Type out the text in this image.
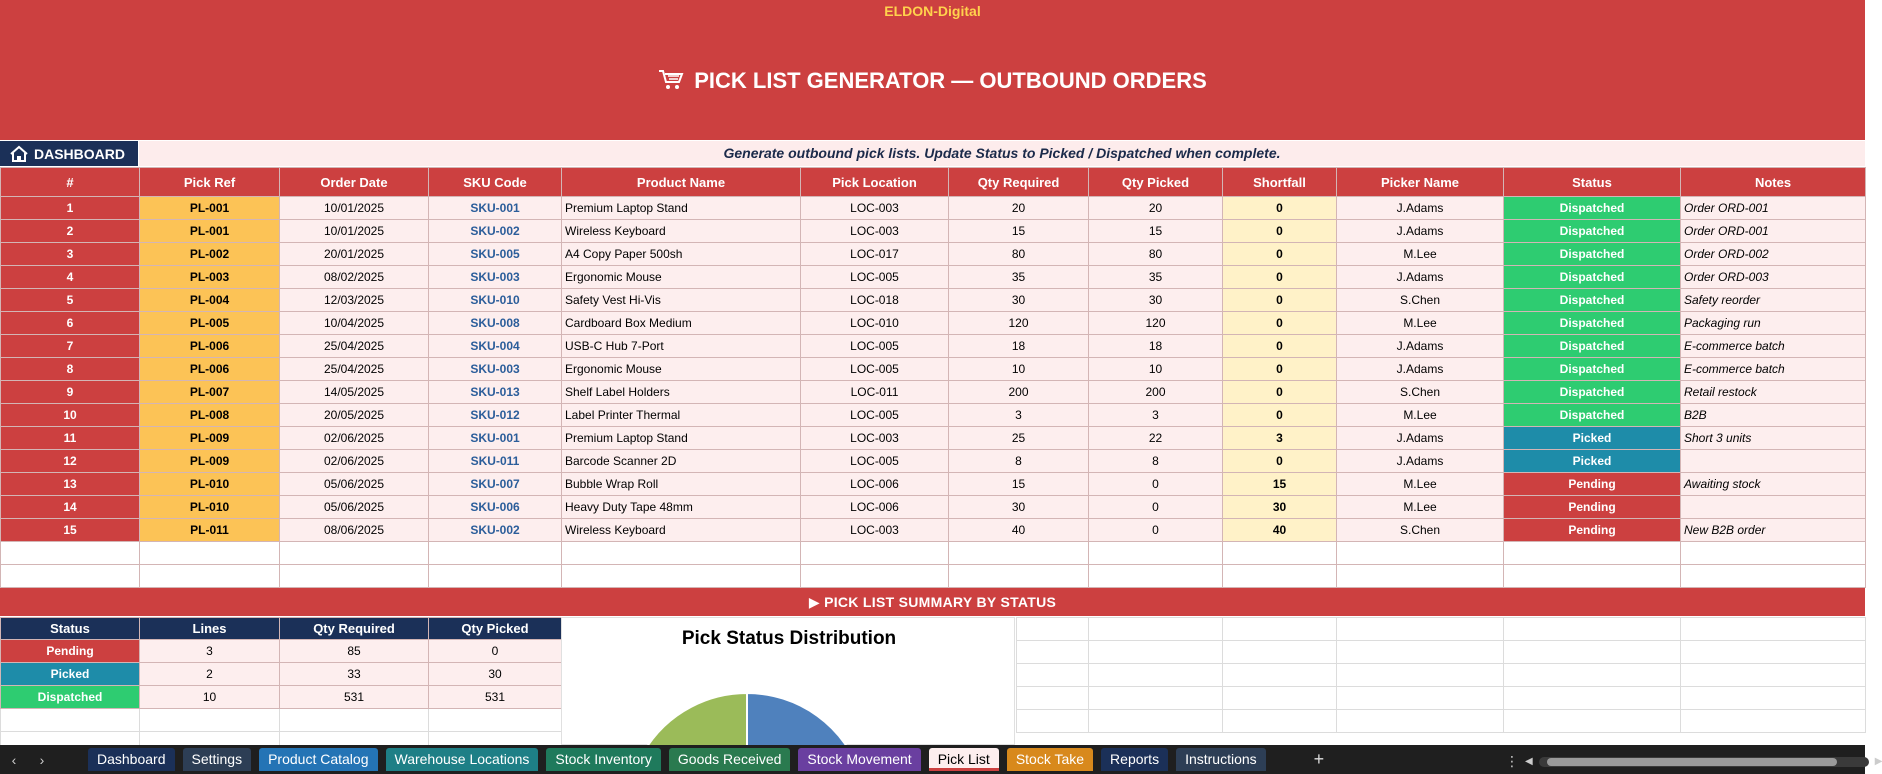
ELDON-Digital
PICK LIST GENERATOR — OUTBOUND ORDERS
DASHBOARD	Generate outbound pick lists. Update Status to Picked / Dispatched when complete.
#	Pick Ref	Order Date	SKU Code	Product Name	Pick Location	Qty Required	Qty Picked	Shortfall	Picker Name	Status	Notes
1	PL-001	10/01/2025	SKU-001	Premium Laptop Stand	LOC-003	20	20	0	J.Adams	Dispatched	Order ORD-001
2	PL-001	10/01/2025	SKU-002	Wireless Keyboard	LOC-003	15	15	0	J.Adams	Dispatched	Order ORD-001
3	PL-002	20/01/2025	SKU-005	A4 Copy Paper 500sh	LOC-017	80	80	0	M.Lee	Dispatched	Order ORD-002
4	PL-003	08/02/2025	SKU-003	Ergonomic Mouse	LOC-005	35	35	0	J.Adams	Dispatched	Order ORD-003
5	PL-004	12/03/2025	SKU-010	Safety Vest Hi-Vis	LOC-018	30	30	0	S.Chen	Dispatched	Safety reorder
6	PL-005	10/04/2025	SKU-008	Cardboard Box Medium	LOC-010	120	120	0	M.Lee	Dispatched	Packaging run
7	PL-006	25/04/2025	SKU-004	USB-C Hub 7-Port	LOC-005	18	18	0	J.Adams	Dispatched	E-commerce batch
8	PL-006	25/04/2025	SKU-003	Ergonomic Mouse	LOC-005	10	10	0	J.Adams	Dispatched	E-commerce batch
9	PL-007	14/05/2025	SKU-013	Shelf Label Holders	LOC-011	200	200	0	S.Chen	Dispatched	Retail restock
10	PL-008	20/05/2025	SKU-012	Label Printer Thermal	LOC-005	3	3	0	M.Lee	Dispatched	B2B
11	PL-009	02/06/2025	SKU-001	Premium Laptop Stand	LOC-003	25	22	3	J.Adams	Picked	Short 3 units
12	PL-009	02/06/2025	SKU-011	Barcode Scanner 2D	LOC-005	8	8	0	J.Adams	Picked	
13	PL-010	05/06/2025	SKU-007	Bubble Wrap Roll	LOC-006	15	0	15	M.Lee	Pending	Awaiting stock
14	PL-010	05/06/2025	SKU-006	Heavy Duty Tape 48mm	LOC-006	30	0	30	M.Lee	Pending	
15	PL-011	08/06/2025	SKU-002	Wireless Keyboard	LOC-003	40	0	40	S.Chen	Pending	New B2B order

▶ PICK LIST SUMMARY BY STATUS
Status	Lines	Qty Required	Qty Picked
Pending	3	85	0
Picked	2	33	30
Dispatched	10	531	531

Pick Status Distribution

‹	›	Dashboard	Settings	Product Catalog	Warehouse Locations	Stock Inventory	Goods Received	Stock Movement	Pick List	Stock Take	Reports	Instructions	+	⋮ ◀	▶
